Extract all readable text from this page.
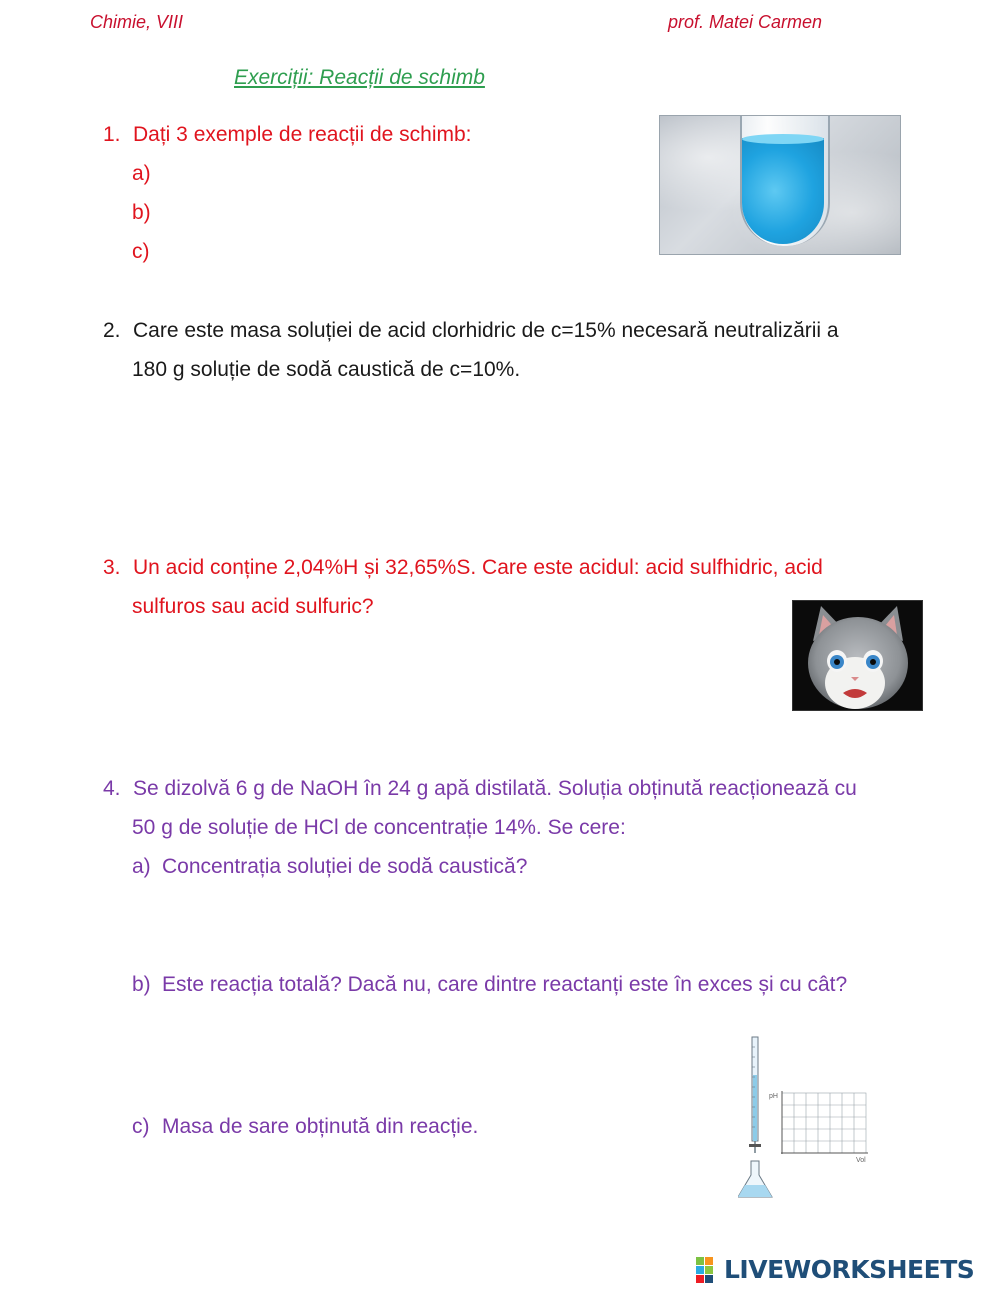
Chimie, VIII	prof. Matei Carmen
Exerciții: Reacții de schimb
1. Dați 3 exemple de reacții de schimb:
a)
b)
c)
2. Care este masa soluției de acid clorhidric de c=15% necesară neutralizării a
180 g soluție de sodă caustică de c=10%.
3. Un acid conține 2,04%H și 32,65%S. Care este acidul: acid sulfhidric, acid
sulfuros sau acid sulfuric?
4. Se dizolvă 6 g de NaOH în 24 g apă distilată. Soluția obținută reacționează cu
50 g de soluție de HCl de concentrație 14%. Se cere:
a) Concentrația soluției de sodă caustică?
b) Este reacția totală? Dacă nu, care dintre reactanți este în exces și cu cât?
c) Masa de sare obținută din reacție.
pH
Vol
LIVEWORKSHEETS
